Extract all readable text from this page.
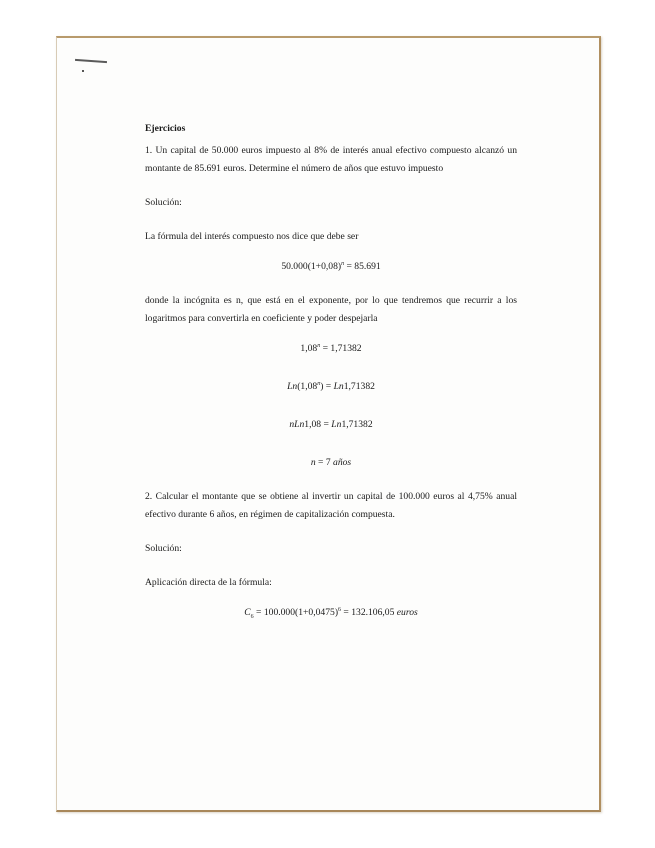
Ejercicios

1. Un capital de 50.000 euros impuesto al 8% de interés anual efectivo compuesto alcanzó un montante de 85.691 euros. Determine el número de años que estuvo impuesto

Solución:

La fórmula del interés compuesto nos dice que debe ser

$50.000(1+0,08)^n = 85.691$

donde la incógnita es n, que está en el exponente, por lo que tendremos que recurrir a los logaritmos para convertirla en coeficiente y poder despejarla

$1,08^n = 1,71382$

$Ln(1,08^n) = Ln1,71382$

nLn1,08 = Ln1,71382

n = 7 años

2. Calcular el montante que se obtiene al invertir un capital de 100.000 euros al 4,75% anual efectivo durante 6 años, en régimen de capitalización compuesta.

Solución:

Aplicación directa de la fórmula:

$C_6 = 100.000(1+0,0475)^6 = 132.106,05$ euros
